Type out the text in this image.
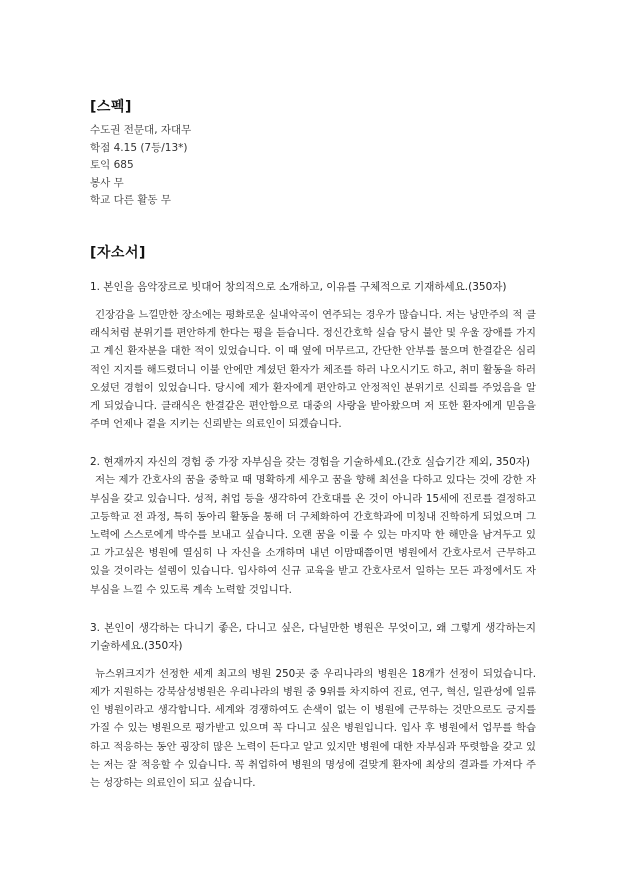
[스펙]
수도권 전문대, 자대무
학점 4.15 (7등/13*)
토익 685
봉사 무
학교 다른 활동 무
[자소서]
1. 본인을 음악장르로 빗대어 창의적으로 소개하고, 이유를 구체적으로 기재하세요.(350자)
긴장감을 느낄만한 장소에는 평화로운 실내악곡이 연주되는 경우가 많습니다. 저는 낭만주의 적 클래식처럼 분위기를 편안하게 한다는 평을 듣습니다. 정신간호학 실습 당시 불안 및 우울 장애를 가지고 계신 환자분을 대한 적이 있었습니다. 이 때 옆에 머무르고, 간단한 안부를 물으며 한결같은 심리적인 지지를 해드렸더니 이불 안에만 계셨던 환자가 체조를 하러 나오시기도 하고, 취미 활동을 하러 오셨던 경험이 있었습니다. 당시에 제가 환자에게 편안하고 안정적인 분위기로 신뢰를 주었음을 알게 되었습니다. 클래식은 한결같은 편안함으로 대중의 사랑을 받아왔으며 저 또한 환자에게 믿음을 주며 언제나 곁을 지키는 신뢰받는 의료인이 되겠습니다.
2. 현재까지 자신의 경험 중 가장 자부심을 갖는 경험을 기술하세요.(간호 실습기간 제외, 350자)
저는 제가 간호사의 꿈을 중학교 때 명확하게 세우고 꿈을 향해 최선을 다하고 있다는 것에 강한 자부심을 갖고 있습니다. 성적, 취업 등을 생각하여 간호대를 온 것이 아니라 15세에 진로를 결정하고 고등학교 전 과정, 특히 동아리 활동을 통해 더 구체화하여 간호학과에 미칭내 진학하게 되었으며 그 노력에 스스로에게 박수를 보내고 싶습니다. 오랜 꿈을 이룰 수 있는 마지막 한 해만을 남겨두고 있고 가고싶은 병원에 열심히 나 자신을 소개하며 내년 이맘때쯤이면 병원에서 간호사로서 근무하고 있을 것이라는 설렘이 있습니다. 입사하여 신규 교육을 받고 간호사로서 일하는 모든 과정에서도 자부심을 느낄 수 있도록 계속 노력할 것입니다.
3. 본인이 생각하는 다니기 좋은, 다니고 싶은, 다닐만한 병원은 무엇이고, 왜 그렇게 생각하는지 기술하세요.(350자)
뉴스위크지가 선정한 세계 최고의 병원 250곳 중 우리나라의 병원은 18개가 선정이 되었습니다. 제가 지원하는 강북삼성병원은 우리나라의 병원 중 9위를 차지하여 진료, 연구, 혁신, 일관성에 일류인 병원이라고 생각합니다. 세계와 경쟁하여도 손색이 없는 이 병원에 근무하는 것만으로도 긍지를 가질 수 있는 병원으로 평가받고 있으며 꼭 다니고 싶은 병원입니다. 입사 후 병원에서 업무를 학습하고 적응하는 동안 굉장히 많은 노력이 든다고 알고 있지만 병원에 대한 자부심과 뚜렷함을 갖고 있는 저는 잘 적응할 수 있습니다. 꼭 취업하여 병원의 명성에 걸맞게 환자에 최상의 결과를 가져다 주는 성장하는 의료인이 되고 싶습니다.
